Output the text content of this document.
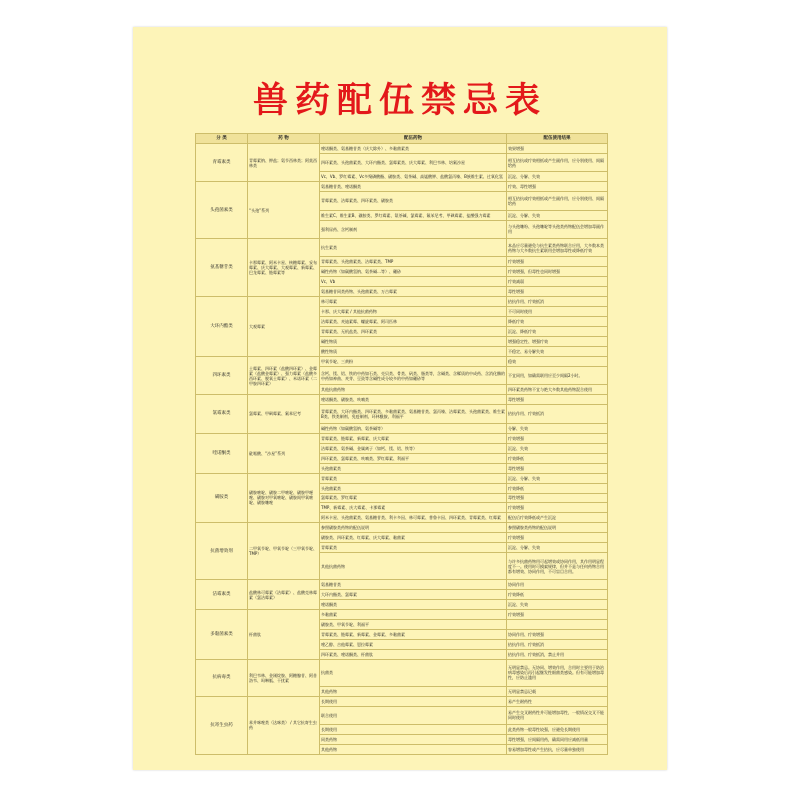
兽药配伍禁忌表
分 类	药 物	配伍药物	配伍使用结果
青霉素类	青霉素钠、钾盐；氨苄西林类；阿莫西林类	喹诺酮类、氨基糖苷类（庆大除外）、多黏菌素类	效果增强
		四环素类、头孢菌素类、大环内酯类、氯霉素类、庆大霉素、利巴韦林、培氟沙星	相互拮抗或疗效相抵或产生副作用，应分别使用、间隔给药
		Vc、Vb、罗红霉素、Vc多聚磷酸酯、磺胺类、氨茶碱、高锰酸钾、盐酸氯丙嗪、B族维生素、过氧化氢	沉淀、分解、失效
头孢菌素类	“头孢”系列	氨基糖苷类、喹诺酮类	疗效、毒性增强
		青霉素类、洁霉素类、四环素类、磺胺类	相互拮抗或疗效相抵或产生副作用，应分别使用、间隔给药
		维生素C、维生素B、磺胺类、罗红霉素、氨茶碱、氯霉素、氟苯尼考、甲砜霉素、盐酸强力霉素	沉淀、分解、失效
		强利尿药、含钙制剂	与头孢噻吩、头孢噻啶等头孢类药物配伍会增加毒副作用
氨基糖苷类	卡那霉素、阿米卡星、核糖霉素、妥布霉素、庆大霉素、大观霉素、新霉素、巴龙霉素、链霉素等	抗生素类	本品应尽量避免与抗生素类药物联合应用，大多数本类药物与大多数抗生素联用会增加毒性或降低疗效
		青霉素类、头孢菌素类、洁霉素类、TMP	疗效增强
		碱性药物（如碳酸氢钠、氨茶碱…等）、硼砂	疗效增强，但毒性也同时增强
		Vc、Vb	疗效减弱
		氨基糖苷同类药物、头孢菌素类、万古霉素	毒性增强
大环内酯类	大观霉素	林可霉素	拮抗作用、疗效抵消
		卡那、庆大霉素 / 其他抗菌药物	不可同时使用
		洁霉素类、麦迪素霉、螺旋霉素、阿司匹林	降低疗效
		青霉素类、无机盐类、四环素类	沉淀、降低疗效
		碱性物质	增强稳定性、增强疗效
		酸性物质	不稳定、易分解失效
四环素类	土霉素、四环素（盐酸四环素）、金霉素（盐酸金霉素）、强力霉素（盐酸多西环素、脱氧土霉素）、米诺环素（二甲胺四环素）	甲氧苄啶、三黄粉	稳效
		含钙、镁、铝、铁的中药如石类、壳贝类、骨类、矾类、脂类等，含碱类、含鞣质的中成药、含消化酶的中药如神曲、麦芽、豆豉等含碱性成分较多的中药如硼砂等	不宜同用，如确需联用应至少间隔2小时。
		其他抗菌药物	四环素类药物不宜与绝大多数其他药物混合使用
氯霉素类	氯霉素、甲砜霉素、氟苯尼考	喹诺酮类、磺胺类、呋喃类	毒性增强
		青霉素类、大环内酯类、四环素类、多黏菌素类、氨基糖苷类、氯丙嗪、洁霉素类、头孢菌素类、维生素B类、铁类制剂、免疫制剂、环林酰胺、利福平	拮抗作用、疗效抵消
		碱性药物（如碳酸氢钠、氨茶碱等）	分解、失效
喹诺酮类	砒哌酸、“沙星”系列	青霉素类、链霉素、新霉素、庆大霉素	疗效增强
		洁霉素类、氨茶碱、金属离子（如钙、镁、铝、铁等）	沉淀、失效
		四环素类、氯霉素类、呋喃类、罗红霉素、利福平	疗效降低
		头孢菌素类	毒性增强
磺胺类	磺胺嘧啶、磺胺二甲嘧啶、磺胺甲噁唑、磺胺对甲氧嘧啶、磺胺间甲氧嘧啶、磺胺噻唑	青霉素类	沉淀、分解、失效
		头孢菌素类	疗效降低
		氯霉素类、罗红霉素	毒性增强
		TMP、新霉素、庆大霉素、卡那霉素	疗效增强
		阿米卡星、头孢菌素类、氨基糖苷类、利卡多因、林可霉素、普鲁卡因、四环素类、青霉素类、红霉素	配伍后疗效降低或产生沉淀
抗菌增效剂	二甲氧苄啶、甲氧苄啶（三甲氧苄啶、TMP）	参照磺胺类药物的配伍说明	参照磺胺类药物的配伍说明
		磺胺类、四环素类、红霉素、庆大霉素、黏菌素	疗效增强
		青霉素类	沉淀、分解、失效
		其他抗菌药物	与许多抗菌药物用可起增效或协同作用，其作用明显程度不一。使用时可摸索规律，但并不是与任何药物合用都有增效、协同作用，不可盲目合用。
洁霉素类	盐酸林可霉素（洁霉素）、盐酸克林霉素（氯洁霉素）	氨基糖苷类	协同作用
		大环内酯类、氯霉素	疗效降低
		喹诺酮类	沉淀、失效
多黏菌素类	杆菌肽	多黏菌素	疗效增强
		磺胺类、甲氧苄啶、利福平	
		青霉素类、链霉素、新霉素、金霉素、多黏菌素	协同作用、疗效增强
		喹乙醇、吉他霉素、恩拉霉素	拮抗作用、疗效抵消
		四环素类、喹诺酮类、杆菌肽	拮抗作用、疗效抵消，禁止并用
抗病毒类	利巴韦林、金刚烷胺、阿糖腺苷、阿昔洛韦、吗啉胍、干扰素	抗菌类	无明显禁忌。无协同、增效作用，合用时主要用于防治病毒感染后再引起继发性细菌类感染。但有可能增加毒性，应防止滥用
		其他药物	无明显禁忌记载
抗寄生虫药	苯并咪唑类（达咪类） / 其它抗寄生虫药	长期使用	易产生耐药性
		联合使用	易产生交叉耐药性并可能增加毒性，一般情况交叉不能同时使用
		长期使用	此类药物一般毒性较强，应避免长期使用
		同类药物	毒性增强，应间隔用药，确需同用应减低用量
		其他药物	容易增加毒性或产生拮抗，应尽量单独使用
